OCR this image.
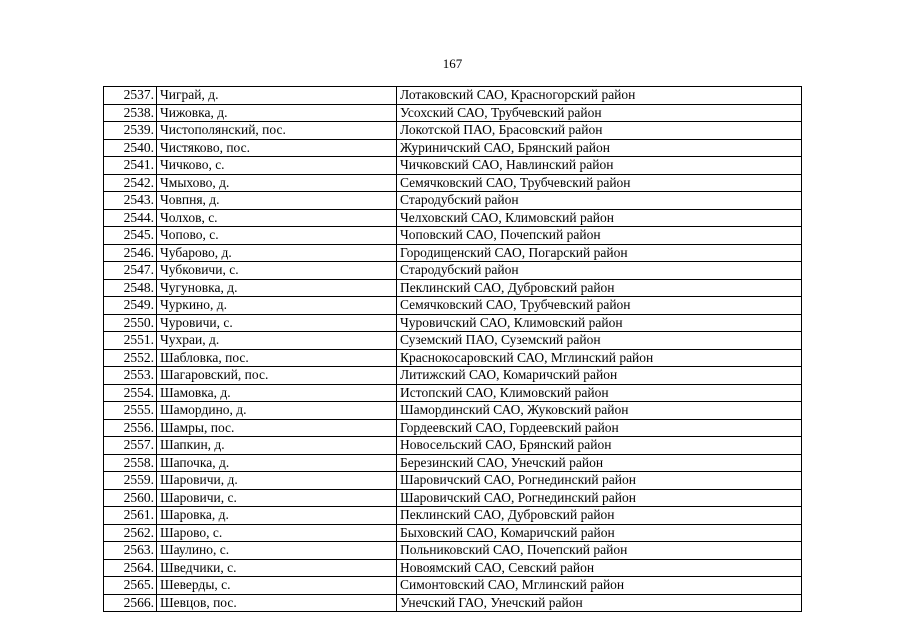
167
2537.	Чиграй, д.	Лотаковский САО, Красногорский район
2538.	Чижовка, д.	Усохский САО, Трубчевский район
2539.	Чистополянский, пос.	Локотской ПАО, Брасовский район
2540.	Чистяково, пос.	Журиничский САО, Брянский район
2541.	Чичково, с.	Чичковский САО, Навлинский район
2542.	Чмыхово, д.	Семячковский САО, Трубчевский район
2543.	Човпня, д.	Стародубский район
2544.	Чолхов, с.	Челховский САО, Климовский район
2545.	Чопово, с.	Чоповский САО, Почепский район
2546.	Чубарово, д.	Городищенский САО, Погарский район
2547.	Чубковичи, с.	Стародубский район
2548.	Чугуновка, д.	Пеклинский САО, Дубровский район
2549.	Чуркино, д.	Семячковский САО, Трубчевский район
2550.	Чуровичи, с.	Чуровичский САО, Климовский район
2551.	Чухраи, д.	Суземский ПАО, Суземский район
2552.	Шабловка, пос.	Краснокосаровский САО, Мглинский район
2553.	Шагаровский, пос.	Литижский САО, Комаричский район
2554.	Шамовка, д.	Истопский САО, Климовский район
2555.	Шамордино, д.	Шамординский САО, Жуковский район
2556.	Шамры, пос.	Гордеевский САО, Гордеевский район
2557.	Шапкин, д.	Новосельский САО, Брянский район
2558.	Шапочка, д.	Березинский САО, Унечский район
2559.	Шаровичи, д.	Шаровичский САО, Рогнединский район
2560.	Шаровичи, с.	Шаровичский САО, Рогнединский район
2561.	Шаровка, д.	Пеклинский САО, Дубровский район
2562.	Шарово, с.	Быховский САО, Комаричский район
2563.	Шаулино, с.	Польниковский САО, Почепский район
2564.	Шведчики, с.	Новоямский САО, Севский район
2565.	Шеверды, с.	Симонтовский САО, Мглинский район
2566.	Шевцов, пос.	Унечский ГАО, Унечский район
